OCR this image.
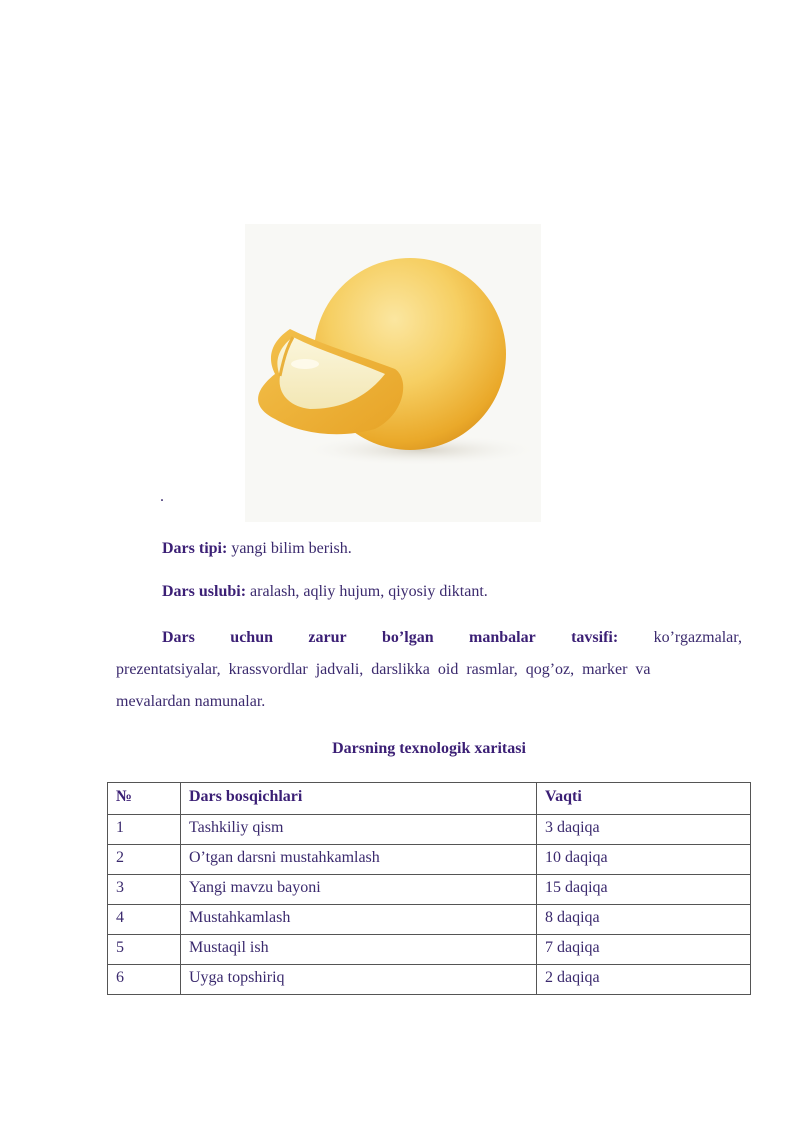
.
Dars tipi: yangi bilim berish.
Dars uslubi: aralash, aqliy hujum, qiyosiy diktant.
Dars uchun zarur bo’lgan manbalar tavsifi: ko’rgazmalar,
prezentatsiyalar,  krassvordlar  jadvali,  darslikka  oid  rasmlar,  qog’oz,  marker  va
mevalardan namunalar.
Darsning texnologik xaritasi
№	Dars bosqichlari	Vaqti
1	Tashkiliy qism	3 daqiqa
2	O’tgan darsni mustahkamlash	10 daqiqa
3	Yangi mavzu bayoni	15 daqiqa
4	Mustahkamlash	8 daqiqa
5	Mustaqil ish	7 daqiqa
6	Uyga topshiriq	2 daqiqa
